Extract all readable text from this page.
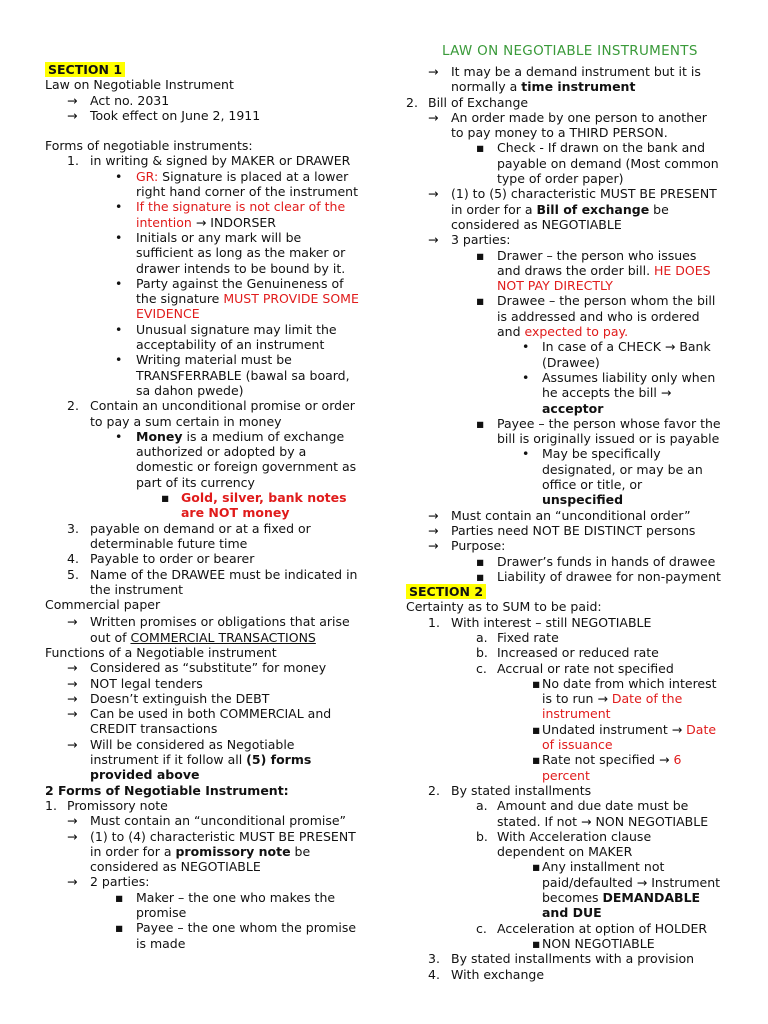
LAW ON NEGOTIABLE INSTRUMENTS
SECTION 1
Law on Negotiable Instrument
→ Act no. 2031
→ Took effect on June 2, 1911
Forms of negotiable instruments:
1. in writing & signed by MAKER or DRAWER
• GR: Signature is placed at a lower
right hand corner of the instrument
• If the signature is not clear of the
intention → INDORSER
• Initials or any mark will be
sufficient as long as the maker or
drawer intends to be bound by it.
• Party against the Genuineness of
the signature MUST PROVIDE SOME
EVIDENCE
• Unusual signature may limit the
acceptability of an instrument
• Writing material must be
TRANSFERRABLE (bawal sa board,
sa dahon pwede)
2. Contain an unconditional promise or order
to pay a sum certain in money
• Money is a medium of exchange
authorized or adopted by a
domestic or foreign government as
part of its currency
▪ Gold, silver, bank notes
are NOT money
3. payable on demand or at a fixed or
determinable future time
4. Payable to order or bearer
5. Name of the DRAWEE must be indicated in
the instrument
Commercial paper
→ Written promises or obligations that arise
out of COMMERCIAL TRANSACTIONS
Functions of a Negotiable instrument
→ Considered as “substitute” for money
→ NOT legal tenders
→ Doesn’t extinguish the DEBT
→ Can be used in both COMMERCIAL and
CREDIT transactions
→ Will be considered as Negotiable
instrument if it follow all (5) forms
provided above
2 Forms of Negotiable Instrument:
1. Promissory note
→ Must contain an “unconditional promise”
→ (1) to (4) characteristic MUST BE PRESENT
in order for a promissory note be
considered as NEGOTIABLE
→ 2 parties:
▪ Maker – the one who makes the
promise
▪ Payee – the one whom the promise
is made
→ It may be a demand instrument but it is
normally a time instrument
2. Bill of Exchange
→ An order made by one person to another
to pay money to a THIRD PERSON.
▪ Check - If drawn on the bank and
payable on demand (Most common
type of order paper)
→ (1) to (5) characteristic MUST BE PRESENT
in order for a Bill of exchange be
considered as NEGOTIABLE
→ 3 parties:
▪ Drawer – the person who issues
and draws the order bill. HE DOES
NOT PAY DIRECTLY
▪ Drawee – the person whom the bill
is addressed and who is ordered
and expected to pay.
• In case of a CHECK → Bank
(Drawee)
• Assumes liability only when
he accepts the bill →
acceptor
▪ Payee – the person whose favor the
bill is originally issued or is payable
• May be specifically
designated, or may be an
office or title, or
unspecified
→ Must contain an “unconditional order”
→ Parties need NOT BE DISTINCT persons
→ Purpose:
▪ Drawer’s funds in hands of drawee
▪ Liability of drawee for non-payment
SECTION 2
Certainty as to SUM to be paid:
1. With interest – still NEGOTIABLE
a. Fixed rate
b. Increased or reduced rate
c. Accrual or rate not specified
▪ No date from which interest
is to run → Date of the
instrument
▪ Undated instrument → Date
of issuance
▪ Rate not specified → 6
percent
2. By stated installments
a. Amount and due date must be
stated. If not → NON NEGOTIABLE
b. With Acceleration clause
dependent on MAKER
▪ Any installment not
paid/defaulted → Instrument
becomes DEMANDABLE
and DUE
c. Acceleration at option of HOLDER
▪ NON NEGOTIABLE
3. By stated installments with a provision
4. With exchange
